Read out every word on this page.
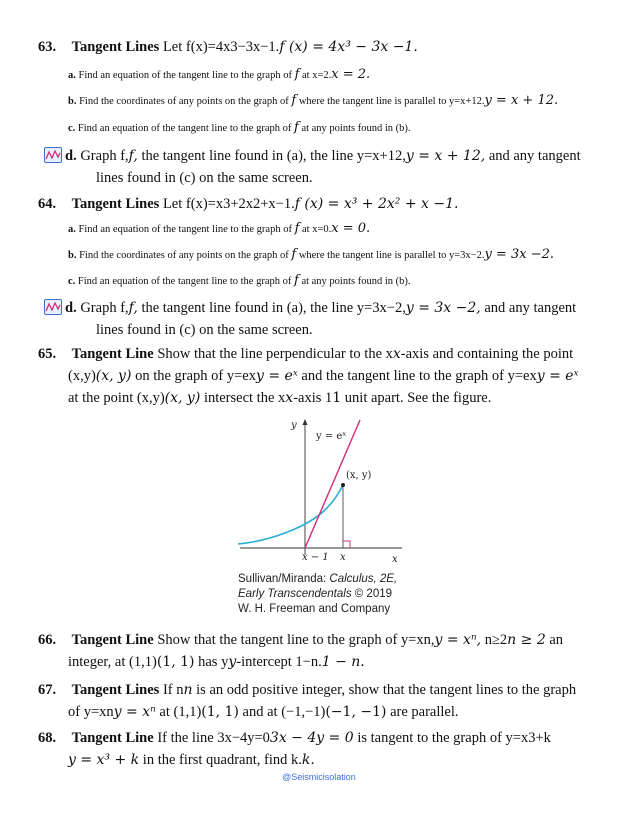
63. Tangent Lines Let f(x)=4x3−3x−1.f (x) = 4x³ − 3x −1.
a. Find an equation of the tangent line to the graph of f at x=2.x = 2.
b. Find the coordinates of any points on the graph of f where the tangent line is parallel to y=x+12.y = x + 12.
c. Find an equation of the tangent line to the graph of f at any points found in (b).
d. Graph f,f, the tangent line found in (a), the line y=x+12,y = x + 12, and any tangent
lines found in (c) on the same screen.
64. Tangent Lines Let f(x)=x3+2x2+x−1.f (x) = x³ + 2x² + x −1.
a. Find an equation of the tangent line to the graph of f at x=0.x = 0.
b. Find the coordinates of any points on the graph of f where the tangent line is parallel to y=3x−2.y = 3x −2.
c. Find an equation of the tangent line to the graph of f at any points found in (b).
d. Graph f,f, the tangent line found in (a), the line y=3x−2,y = 3x −2, and any tangent
lines found in (c) on the same screen.
65. Tangent Line Show that the line perpendicular to the xx-axis and containing the point
(x,y)(x, y) on the graph of y=exy = eˣ and the tangent line to the graph of y=exy = eˣ
at the point (x,y)(x, y) intersect the xx-axis 11 unit apart. See the figure.
y
x
y = eˣ
(x, y)
x − 1 x
Sullivan/Miranda: Calculus, 2E,
Early Transcendentals © 2019
W. H. Freeman and Company
66. Tangent Line Show that the tangent line to the graph of y=xn,y = xⁿ, n≥2n ≥ 2 an
integer, at (1,1)(1, 1) has yy-intercept 1−n.1 − n.
67. Tangent Lines If nn is an odd positive integer, show that the tangent lines to the graph
of y=xny = xⁿ at (1,1)(1, 1) and at (−1,−1)(−1, −1) are parallel.
68. Tangent Line If the line 3x−4y=03x − 4y = 0 is tangent to the graph of y=x3+k
y = x³ + k in the first quadrant, find k.k.
@Seismicisolation
